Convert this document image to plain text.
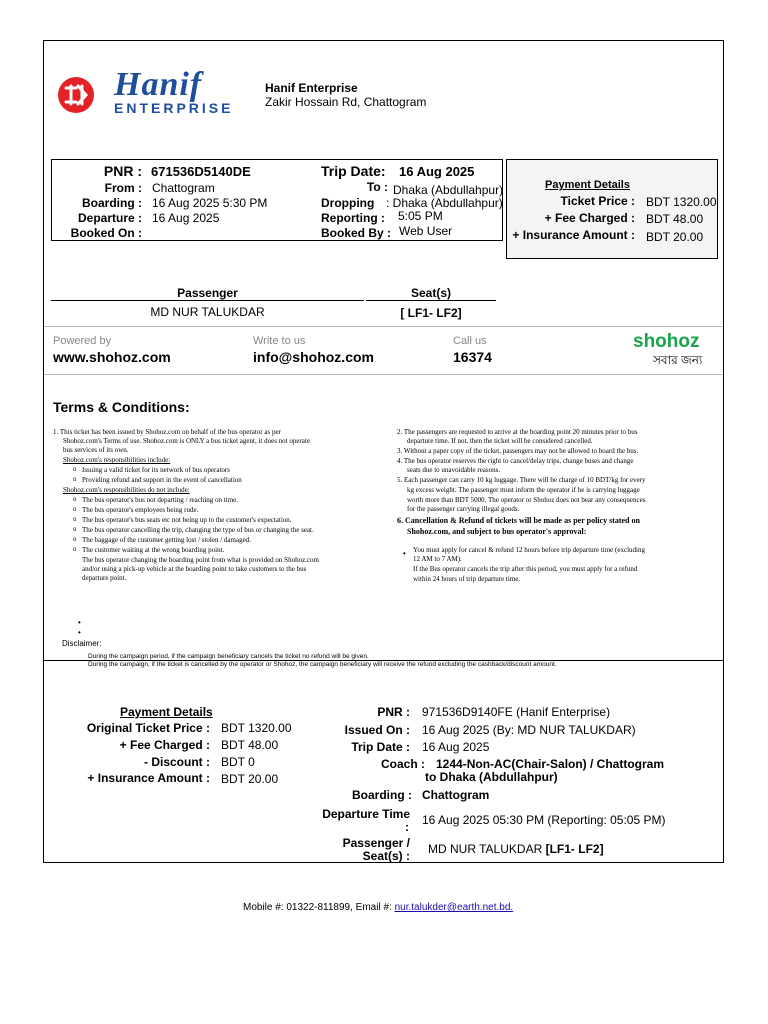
Hanif
ENTERPRISE
Hanif Enterprise
Zakir Hossain Rd, Chattogram
PNR : 671536D5140DE
From : Chattogram
Boarding : 16 Aug 2025 5:30 PM
Departure : 16 Aug 2025
Booked On :
Trip Date: 16 Aug 2025
To : Dhaka (Abdullahpur)
Dropping : Dhaka (Abdullahpur)
Reporting : 5:05 PM
Booked By : Web User
Payment Details
Ticket Price : BDT 1320.00
+ Fee Charged : BDT 48.00
+ Insurance Amount : BDT 20.00
Passenger	Seat(s)
MD NUR TALUKDAR	[ LF1- LF2]
Powered by
www.shohoz.com
Write to us
info@shohoz.com
Call us
16374
shohoz
সবার জন্য
Terms & Conditions:
1. This ticket has been issued by Shohoz.com on behalf of the bus operator as per
Shohoz.com's Terms of use. Shohoz.com is ONLY a bus ticket agent, it does not operate
bus services of its own.
Shohoz.com's responsibilities include:
Issuing a valid ticket for its network of bus operators
Providing refund and support in the event of cancellation
Shohoz.com's responsibilities do not include:
The bus operator's bus not departing / reaching on time.
The bus operator's employees being rude.
The bus operator's bus seats etc not being up to the customer's expectation.
The bus operator cancelling the trip, changing the type of bus or changing the seat.
The baggage of the customer getting lost / stolen / damaged.
The customer waiting at the wrong boarding point.
The bus operator changing the boarding point from what is provided on Shohoz.com
and/or using a pick-up vehicle at the boarding point to take customers to the bus
departure point.
o
o
o
o
o
o
o
o
2. The passengers are requested to arrive at the boarding point 20 minutes prior to bus
departure time. If not, then the ticket will be considered cancelled.
3. Without a paper copy of the ticket, passengers may not be allowed to board the bus.
4. The bus operator reserves the right to cancel/delay trips, change buses and change
seats due to unavoidable reasons.
5. Each passenger can carry 10 kg luggage. There will be charge of 10 BDT/kg for every
kg excess weight. The passenger must inform the operator if he is carrying luggage
worth more than BDT 5000. The operator or Shohoz does not bear any consequences
for the passenger carrying illegal goods.
6. Cancellation & Refund of tickets will be made as per policy stated on
Shohoz.com, and subject to bus operator's approval:
You must apply for cancel & refund 12 hours before trip departure time (excluding
12 AM to 7 AM).
If the Bus operator cancels the trip after this period, you must apply for a refund
within 24 hours of trip departure time.
•
•
•
Disclaimer:
During the campaign period, if the campaign beneficiary cancels the ticket no refund will be given.
During the campaign, if the ticket is cancelled by the operator or Shohoz, the campaign beneficiary will receive the refund excluding the cashback/discount amount.
Payment Details
Original Ticket Price : BDT 1320.00
+ Fee Charged : BDT 48.00
- Discount : BDT 0
+ Insurance Amount : BDT 20.00
PNR : 971536D9140FE (Hanif Enterprise)
Issued On : 16 Aug 2025 (By: MD NUR TALUKDAR)
Trip Date : 16 Aug 2025
Coach : 1244-Non-AC(Chair-Salon) / Chattogram
to Dhaka (Abdullahpur)
Boarding : Chattogram
Departure Time
:	16 Aug 2025 05:30 PM (Reporting: 05:05 PM)
Passenger /
Seat(s) : MD NUR TALUKDAR [LF1- LF2]
Mobile #: 01322-811899, Email #: nur.talukder@earth.net.bd.
